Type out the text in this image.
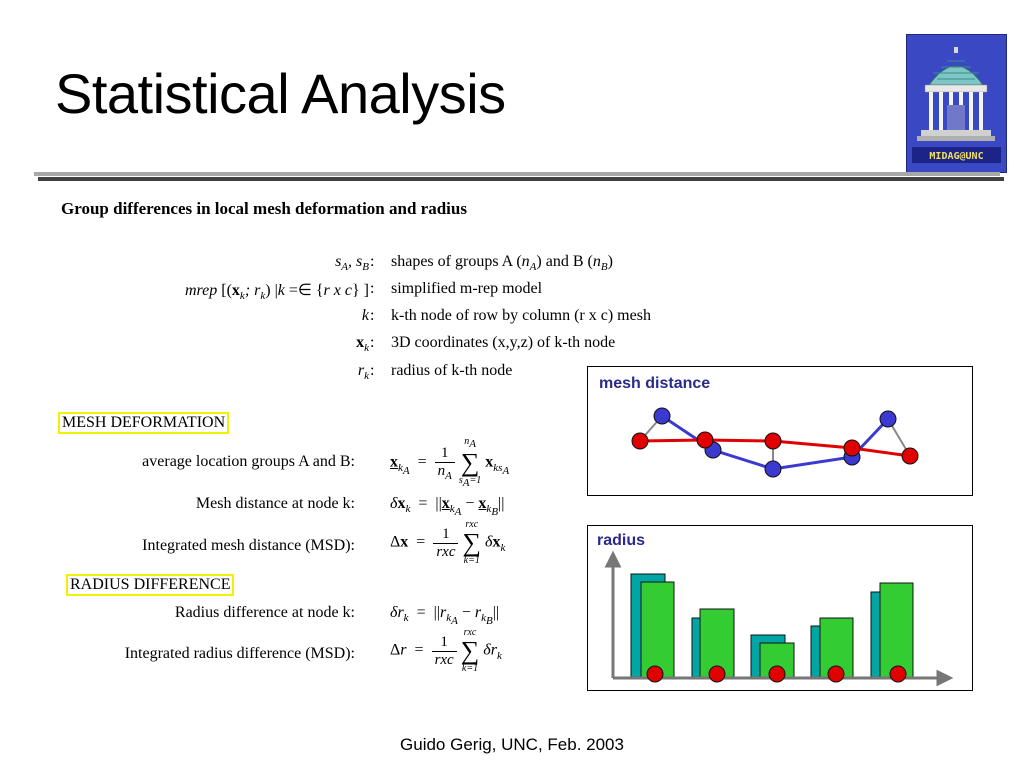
Statistical Analysis
MIDAG@UNC
Group differences in local mesh deformation and radius
$s_A$, $s_B$ : shapes of groups A $(n_A)$ and B $(n_B)$
mrep [($x_k$; $r_k$) |k =∈ {r x c} ] : simplified m-rep model
k : k-th node of row by column (r x c) mesh
$x_k$ : 3D coordinates (x,y,z) of k-th node
$r_k$ : radius of k-th node
MESH DEFORMATION
average location groups A and B: $x_{k_A} = \frac{1}{n_A}$

$n_A$
∑
$s_A=1$
$x_{ks_A}$
Mesh distance at node k: $\delta x_k = ||x_{k_A} - x_{k_B}||$
Integrated mesh distance (MSD): $\Delta x = \frac{1}{\text{rxc}}$

rxc
∑
k=1
$\delta x_k$
RADIUS DIFFERENCE
Radius difference at node k: $\delta r_k = ||r_{k_A} - r_{k_B}||$
Integrated radius difference (MSD): $\Delta r = \frac{1}{\text{rxc}}$

rxc
∑
k=1
$\delta r_k$
mesh distance
radius
Guido Gerig, UNC, Feb. 2003
